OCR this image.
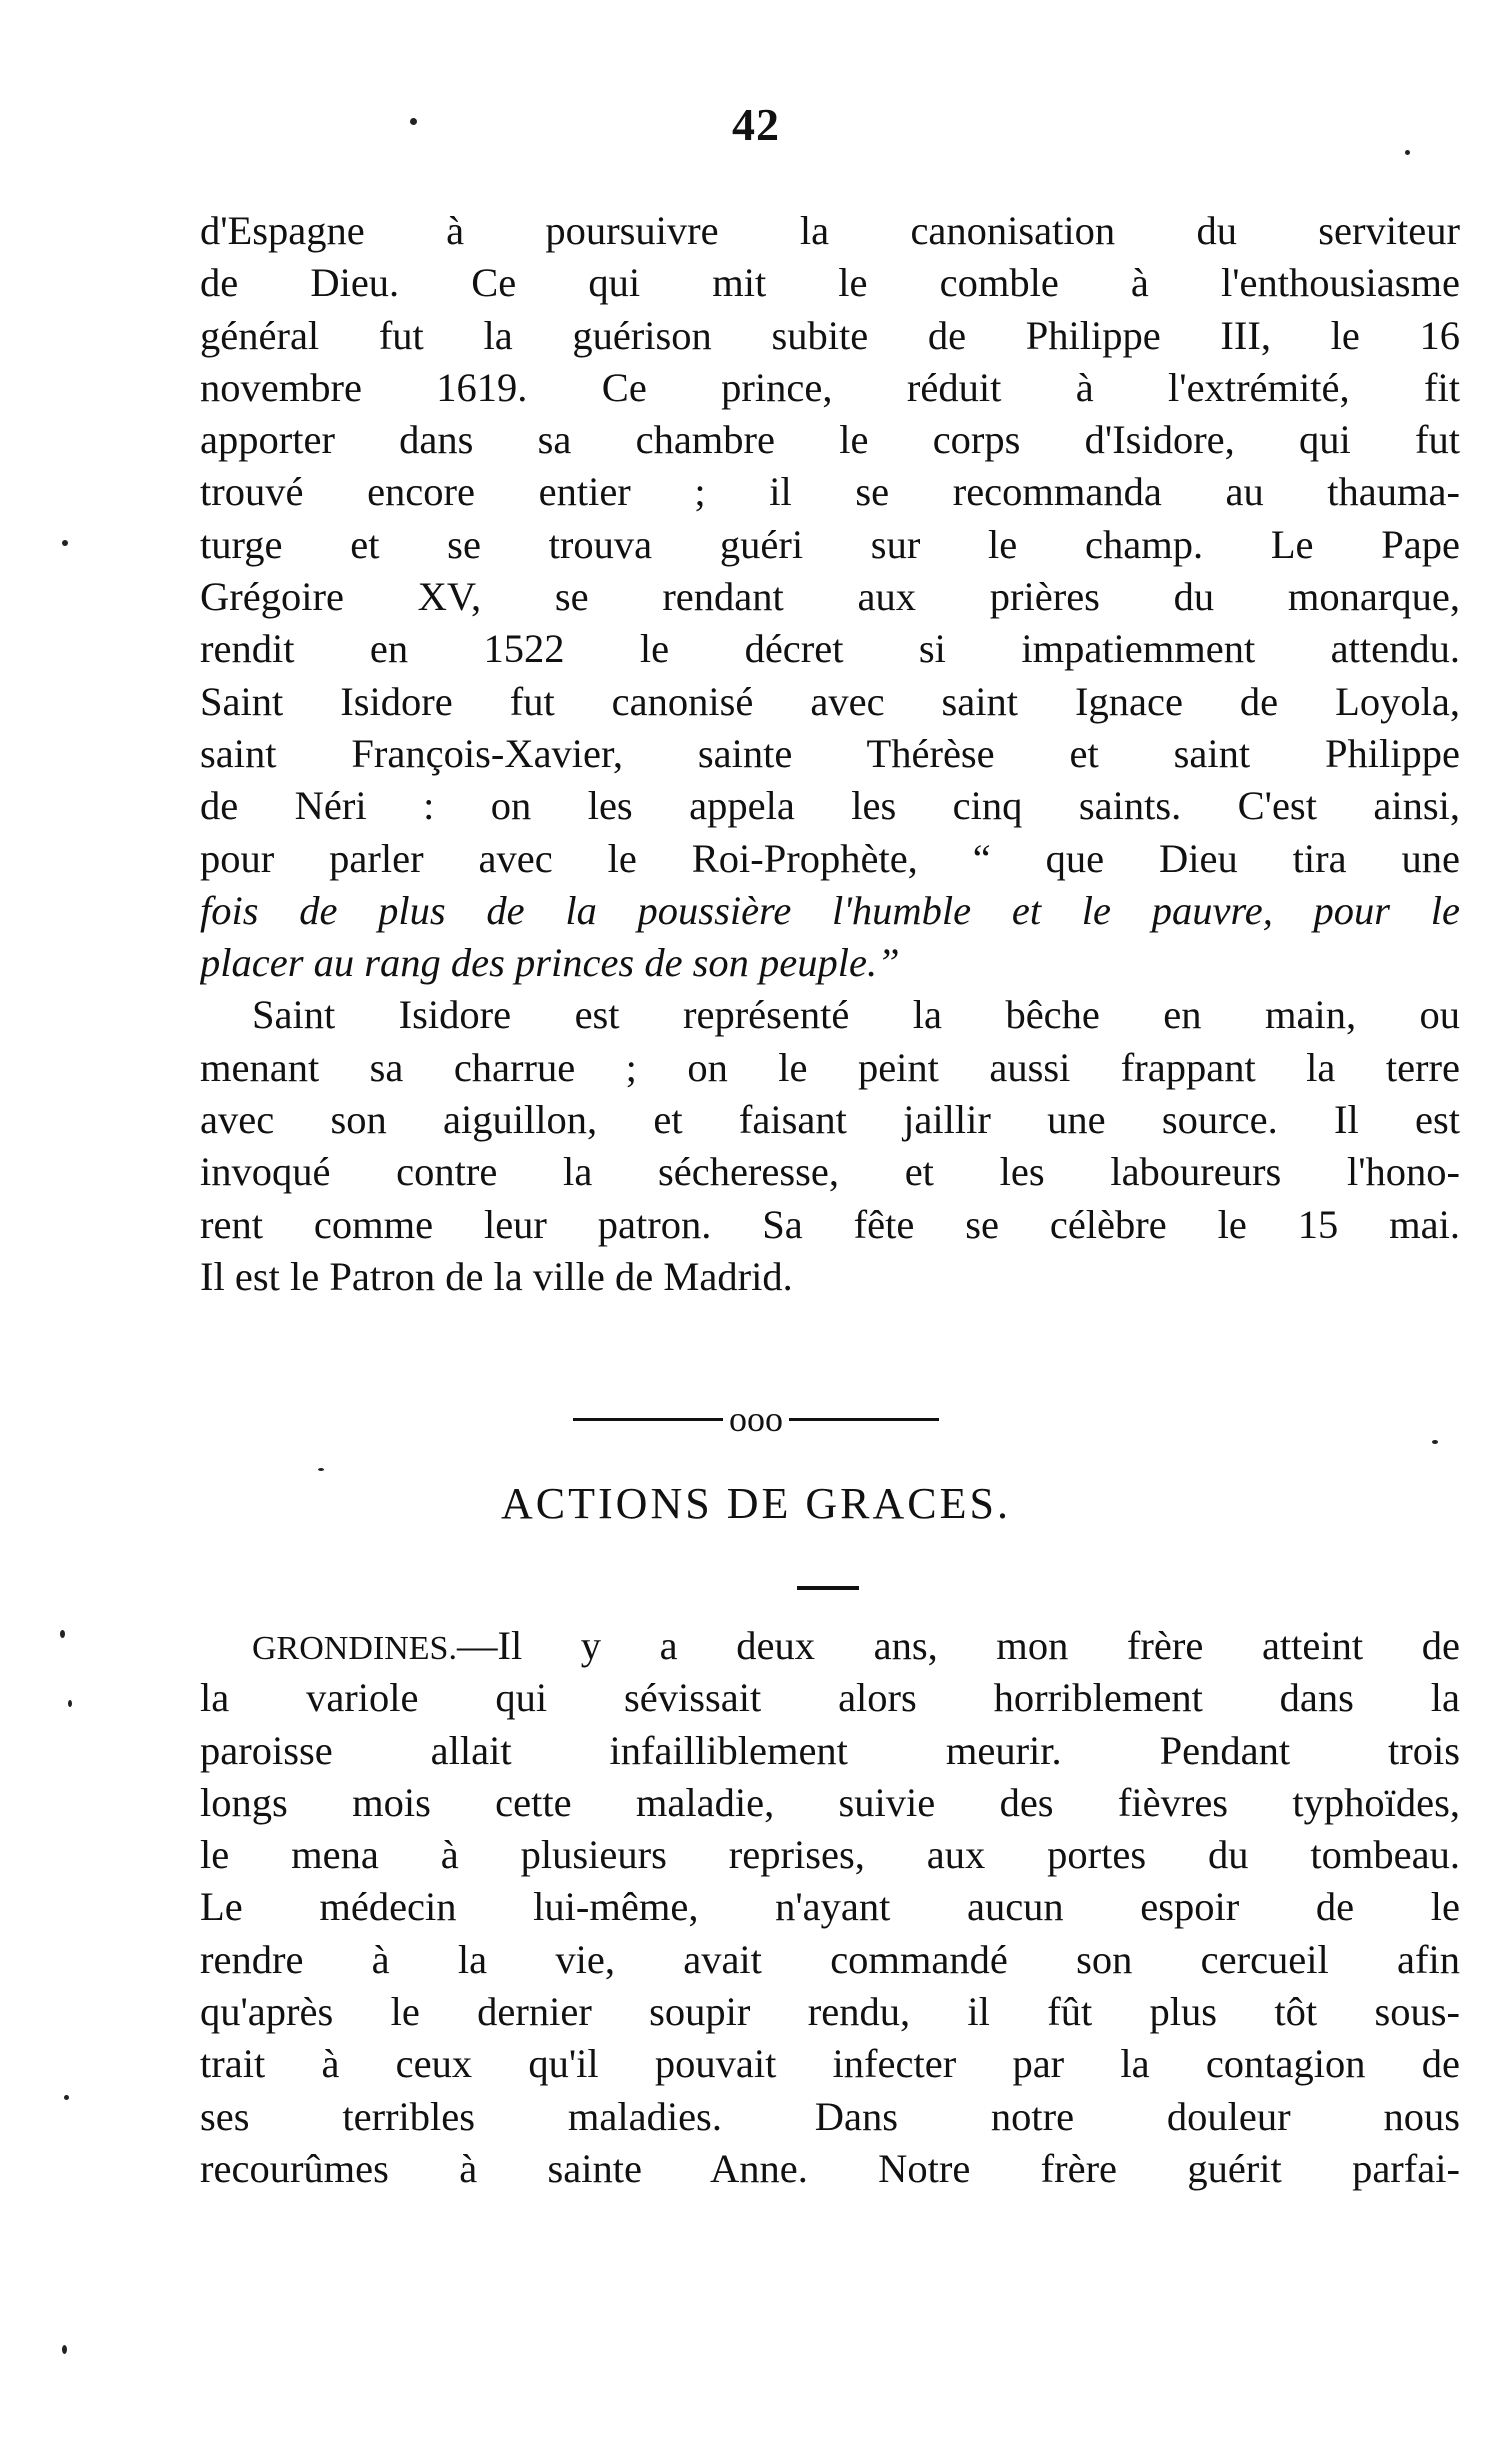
42
d'Espagne à poursuivre la canonisation du serviteur
de Dieu. Ce qui mit le comble à l'enthousiasme
général fut la guérison subite de Philippe III, le 16
novembre 1619. Ce prince, réduit à l'extrémité, fit
apporter dans sa chambre le corps d'Isidore, qui fut
trouvé encore entier ; il se recommanda au thauma-
turge et se trouva guéri sur le champ. Le Pape
Grégoire XV, se rendant aux prières du monarque,
rendit en 1522 le décret si impatiemment attendu.
Saint Isidore fut canonisé avec saint Ignace de Loyola,
saint François-Xavier, sainte Thérèse et saint Philippe
de Néri : on les appela les cinq saints. C'est ainsi,
pour parler avec le Roi-Prophète, “ que Dieu tira une
fois de plus de la poussière l'humble et le pauvre, pour le
placer au rang des princes de son peuple.”
Saint Isidore est représenté la bêche en main, ou
menant sa charrue ; on le peint aussi frappant la terre
avec son aiguillon, et faisant jaillir une source. Il est
invoqué contre la sécheresse, et les laboureurs l'hono-
rent comme leur patron. Sa fête se célèbre le 15 mai.
Il est le Patron de la ville de Madrid.
ooo
ACTIONS DE GRACES.
GRONDINES.—Il y a deux ans, mon frère atteint de
la variole qui sévissait alors horriblement dans la
paroisse allait infailliblement meurir. Pendant trois
longs mois cette maladie, suivie des fièvres typhoïdes,
le mena à plusieurs reprises, aux portes du tombeau.
Le médecin lui-même, n'ayant aucun espoir de le
rendre à la vie, avait commandé son cercueil afin
qu'après le dernier soupir rendu, il fût plus tôt sous-
trait à ceux qu'il pouvait infecter par la contagion de
ses terribles maladies. Dans notre douleur nous
recourûmes à sainte Anne. Notre frère guérit parfai-
